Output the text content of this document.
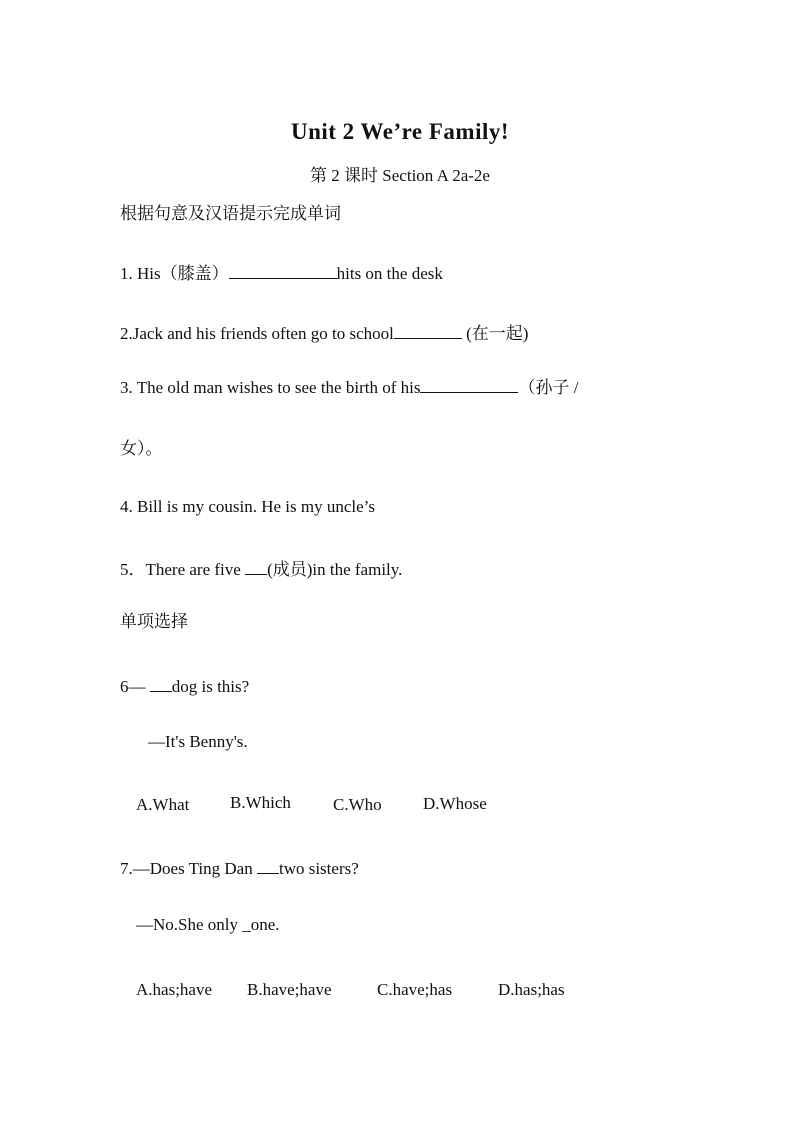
Unit 2 We’re Family!
第 2 课时 Section A 2a-2e
根据句意及汉语提示完成单词
1. His（膝盖）	hits on the desk
2.Jack and his friends often go to school	(在一起)
3. The old man wishes to see the birth of his	（孙子 /
女）。
4. Bill is my cousin. He is my uncle’s
5．There are five (成员)in the family.
单项选择
6— dog is this?
—It's Benny's.
A.What B.Which C.Who D.Whose
7.—Does Ting Dan two sisters?
—No.She only _one.
A.has;have B.have;have	C.have;has	D.has;has
